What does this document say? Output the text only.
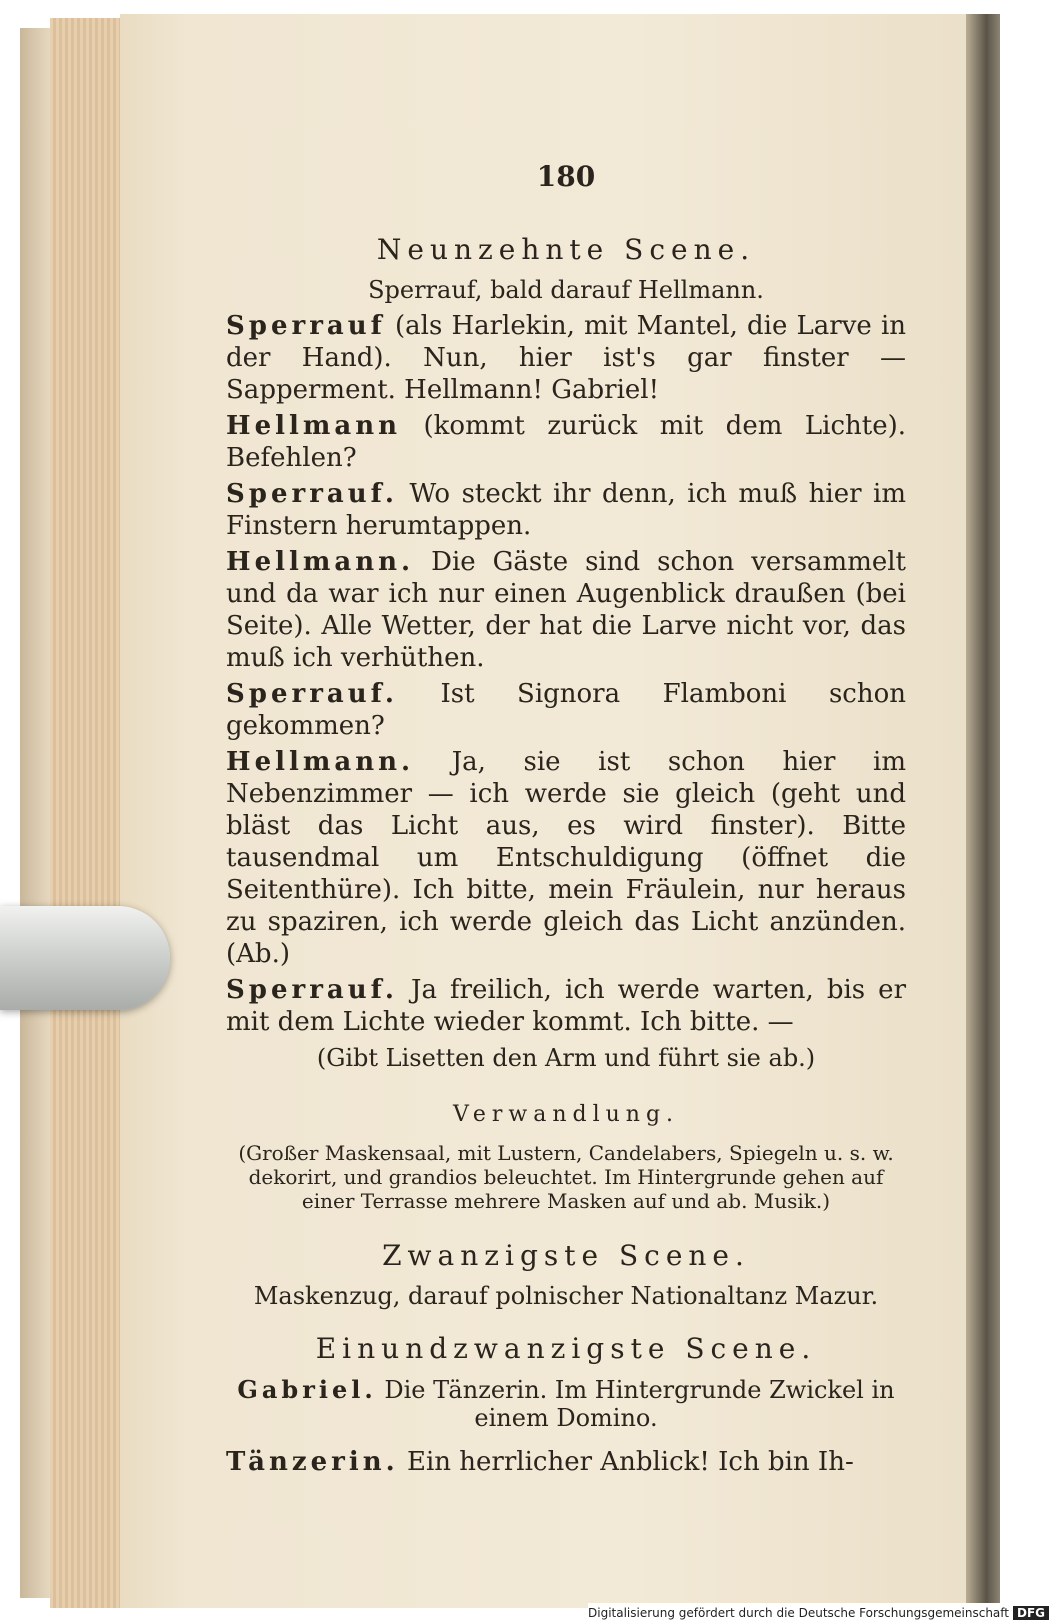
180
Neunzehnte Scene.
Sperrauf, bald darauf Hellmann.

Sperrauf (als Harlekin, mit Mantel, die Larve in der Hand). Nun, hier ist's gar finster — Sapperment. Hellmann! Gabriel!

Hellmann (kommt zurück mit dem Lichte). Befehlen?

Sperrauf. Wo steckt ihr denn, ich muß hier im Finstern herumtappen.

Hellmann. Die Gäste sind schon versammelt und da war ich nur einen Augenblick draußen (bei Seite). Alle Wetter, der hat die Larve nicht vor, das muß ich verhüthen.

Sperrauf. Ist Signora Flamboni schon gekommen?

Hellmann. Ja, sie ist schon hier im Nebenzimmer — ich werde sie gleich (geht und bläst das Licht aus, es wird finster). Bitte tausendmal um Entschuldigung (öffnet die Seitenthüre). Ich bitte, mein Fräulein, nur heraus zu spaziren, ich werde gleich das Licht anzünden. (Ab.)

Sperrauf. Ja freilich, ich werde warten, bis er mit dem Lichte wieder kommt. Ich bitte. —

(Gibt Lisetten den Arm und führt sie ab.)

Verwandlung.
(Großer Maskensaal, mit Lustern, Candelabers, Spiegeln u. s. w. dekorirt, und grandios beleuchtet. Im Hintergrunde gehen auf einer Terrasse mehrere Masken auf und ab. Musik.)
Zwanzigste Scene.
Maskenzug, darauf polnischer Nationaltanz Mazur.
Einundzwanzigste Scene.
Gabriel. Die Tänzerin. Im Hintergrunde Zwickel in einem Domino.

Tänzerin. Ein herrlicher Anblick! Ich bin Ih-

Digitalisierung gefördert durch die Deutsche Forschungsgemeinschaft DFG
